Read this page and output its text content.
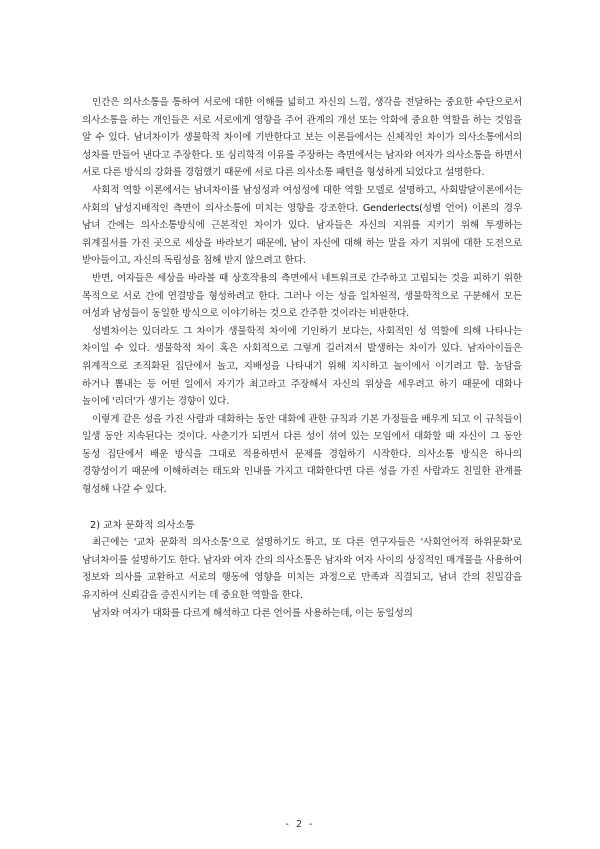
인간은 의사소통을 통하여 서로에 대한 이해를 넓히고 자신의 느낌, 생각을 전달하는 중요한 수단으로서 의사소통을 하는 개인들은 서로 서로에게 영향을 주어 관계의 개선 또는 악화에 중요한 역할을 하는 것임을 알 수 있다. 남녀차이가 생물학적 차이에 기반한다고 보는 이론들에서는 신체적인 차이가 의사소통에서의 성차를 만들어 낸다고 주장한다. 또 심리학적 이유를 주장하는 측면에서는 남자와 여자가 의사소통을 하면서 서로 다른 방식의 강화를 경험했기 때문에 서로 다른 의사소통 패턴을 형성하게 되었다고 설명한다.

사회적 역할 이론에서는 남녀차이를 남성성과 여성성에 대한 역할 모델로 설명하고, 사회발달이론에서는 사회의 남성지배적인 측면이 의사소통에 미치는 영향을 강조한다. Genderlects(성별 언어) 이론의 경우 남녀 간에는 의사소통방식에 근본적인 차이가 있다. 남자들은 자신의 지위를 지키기 위해 투쟁하는 위계질서를 가진 곳으로 세상을 바라보기 때문에, 남이 자신에 대해 하는 말을 자기 지위에 대한 도전으로 받아들이고, 자신의 독립성을 침해 받지 않으려고 한다.

반면, 여자들은 세상을 바라볼 때 상호작용의 측면에서 네트워크로 간주하고 고립되는 것을 피하기 위한 목적으로 서로 간에 연결망을 형성하려고 한다. 그러나 이는 성을 일차원적, 생물학적으로 구분해서 모든 여성과 남성들이 동일한 방식으로 이야기하는 것으로 간주한 것이라는 비판한다.

성별차이는 있더라도 그 차이가 생물학적 차이에 기인하기 보다는, 사회적인 성 역할에 의해 나타나는 차이일 수 있다. 생물학적 차이 혹은 사회적으로 그렇게 길러져서 발생하는 차이가 있다. 남자아이들은 위계적으로 조직화된 집단에서 놀고, 지배성을 나타내기 위해 지시하고 놀이에서 이기려고 함. 농담을 하거나 뽐내는 등 어떤 일에서 자기가 최고라고 주장해서 자신의 위상을 세우려고 하기 때문에 대화나 놀이에 '리더'가 생기는 경향이 있다.

이렇게 같은 성을 가진 사람과 대화하는 동안 대화에 관한 규칙과 기본 가정들을 배우게 되고 이 규칙들이 일생 동안 지속된다는 것이다. 사춘기가 되면서 다른 성이 섞여 있는 모임에서 대화할 때 자신이 그 동안 동성 집단에서 배운 방식을 그대로 적용하면서 문제를 경험하기 시작한다. 의사소통 방식은 하나의 경향성이기 때문에 이해하려는 태도와 인내를 가지고 대화한다면 다른 성을 가진 사람과도 친밀한 관계를 형성해 나갈 수 있다.

2) 교차 문화적 의사소통

최근에는 '교차 문화적 의사소통'으로 설명하기도 하고, 또 다른 연구자들은 '사회언어적 하위문화'로 남녀차이를 설명하기도 한다. 남자와 여자 간의 의사소통은 남자와 여자 사이의 상징적인 매개물을 사용하여 정보와 의사를 교환하고 서로의 행동에 영향을 미치는 과정으로 만족과 직결되고, 남녀 간의 친밀감을 유지하여 신뢰감을 증진시키는 데 중요한 역할을 한다.

남자와 여자가 대화를 다르게 해석하고 다른 언어를 사용하는데, 이는 동일성의

- 2 -
